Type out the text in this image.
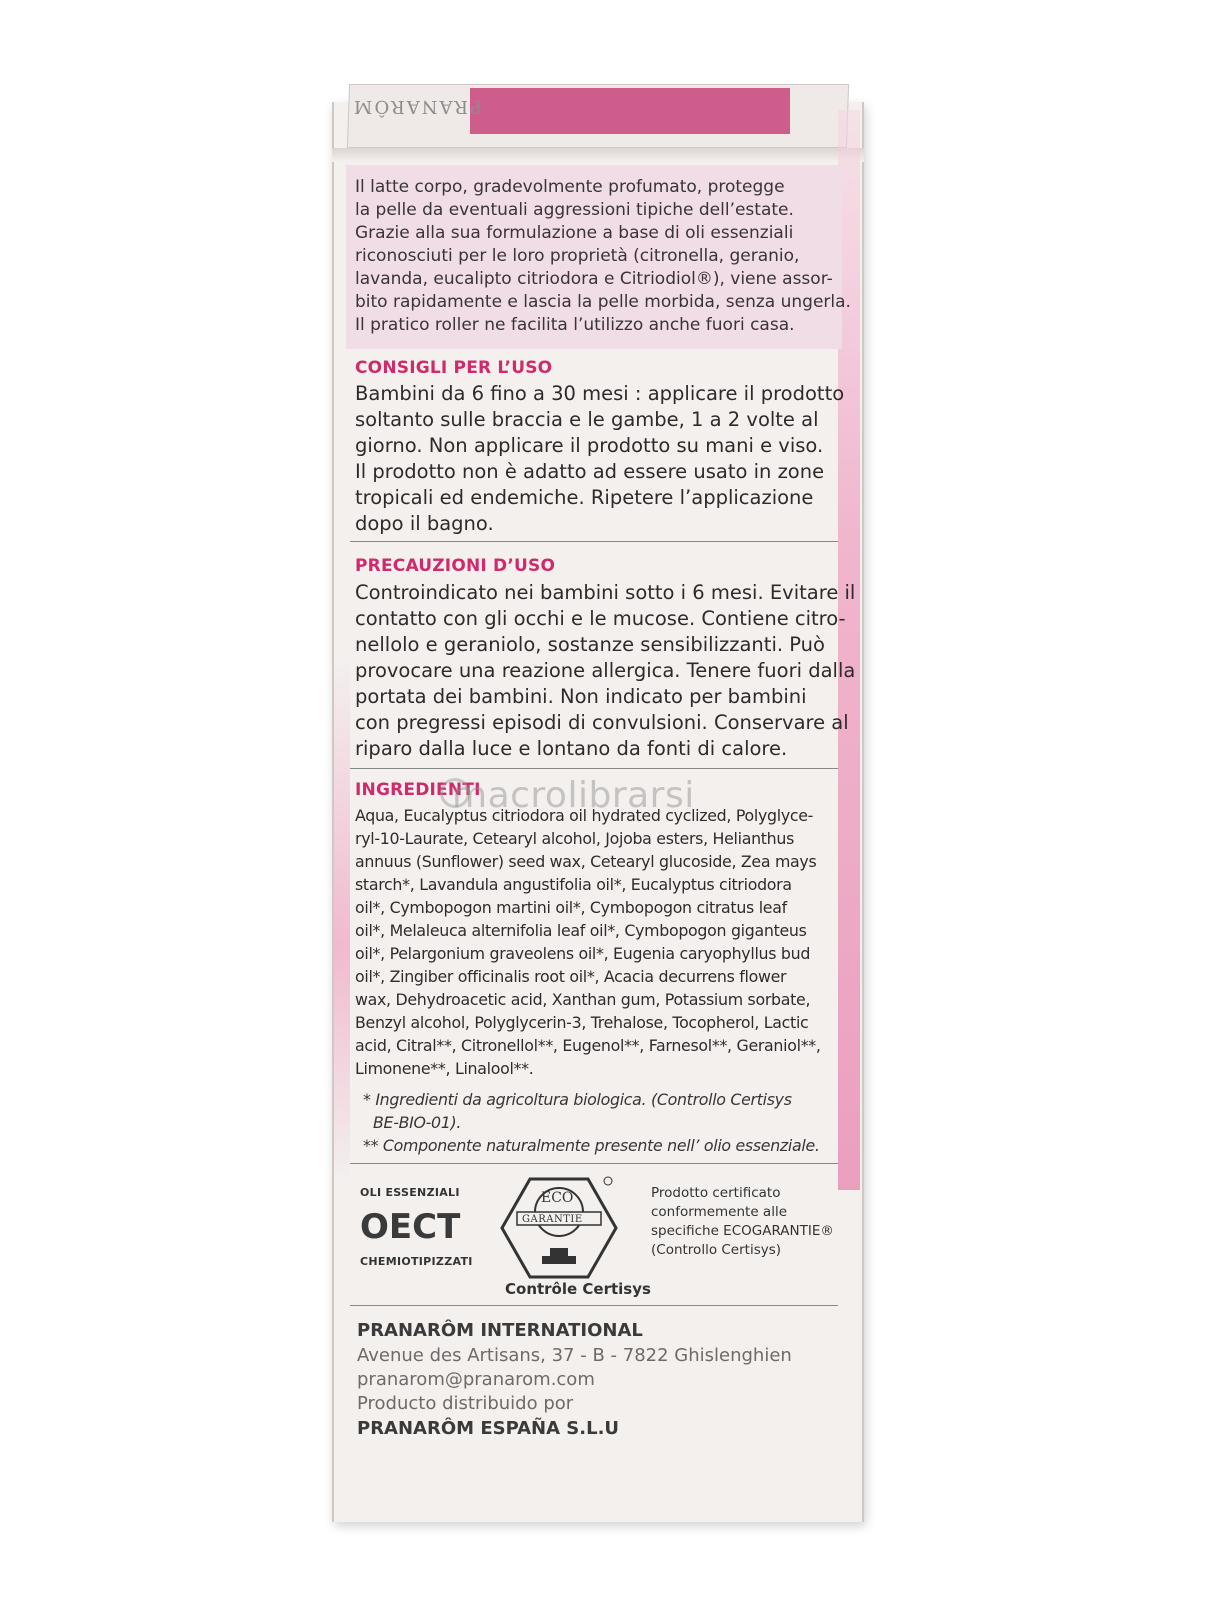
PRANARÔM
Il latte corpo, gradevolmente profumato, protegge
la pelle da eventuali aggressioni tipiche dell’estate.
Grazie alla sua formulazione a base di oli essenziali
riconosciuti per le loro proprietà (citronella, geranio,
lavanda, eucalipto citriodora e Citriodiol®), viene assor-
bito rapidamente e lascia la pelle morbida, senza ungerla.
Il pratico roller ne facilita l’utilizzo anche fuori casa.
CONSIGLI PER L’USO
Bambini da 6 fino a 30 mesi : applicare il prodotto
soltanto sulle braccia e le gambe, 1 a 2 volte al
giorno. Non applicare il prodotto su mani e viso.
Il prodotto non è adatto ad essere usato in zone
tropicali ed endemiche. Ripetere l’applicazione
dopo il bagno.
PRECAUZIONI D’USO
Controindicato nei bambini sotto i 6 mesi. Evitare il
contatto con gli occhi e le mucose. Contiene citro-
nellolo e geraniolo, sostanze sensibilizzanti. Può
provocare una reazione allergica. Tenere fuori dalla
portata dei bambini. Non indicato per bambini
con pregressi episodi di convulsioni. Conservare al
riparo dalla luce e lontano da fonti di calore.
INGREDIENTI
Aqua, Eucalyptus citriodora oil hydrated cyclized, Polyglyce-
ryl-10-Laurate, Cetearyl alcohol, Jojoba esters, Helianthus
annuus (Sunflower) seed wax, Cetearyl glucoside, Zea mays
starch*, Lavandula angustifolia oil*, Eucalyptus citriodora
oil*, Cymbopogon martini oil*, Cymbopogon citratus leaf
oil*, Melaleuca alternifolia leaf oil*, Cymbopogon giganteus
oil*, Pelargonium graveolens oil*, Eugenia caryophyllus bud
oil*, Zingiber officinalis root oil*, Acacia decurrens flower
wax, Dehydroacetic acid, Xanthan gum, Potassium sorbate,
Benzyl alcohol, Polyglycerin-3, Trehalose, Tocopherol, Lactic
acid, Citral**, Citronellol**, Eugenol**, Farnesol**, Geraniol**,
Limonene**, Linalool**.
* Ingredienti da agricoltura biologica. (Controllo Certisys
BE-BIO-01).
** Componente naturalmente presente nell’ olio essenziale.
macrolibrarsi
OLI ESSENZIALI
OECT
CHEMIOTIPIZZATI
ECO
GARANTIE
Contrôle Certisys
Prodotto certificato
conformemente alle
specifiche ECOGARANTIE®
(Controllo Certisys)
PRANARÔM INTERNATIONAL
Avenue des Artisans, 37 - B - 7822 Ghislenghien
pranarom@pranarom.com
Producto distribuido por
PRANARÔM ESPAÑA S.L.U
